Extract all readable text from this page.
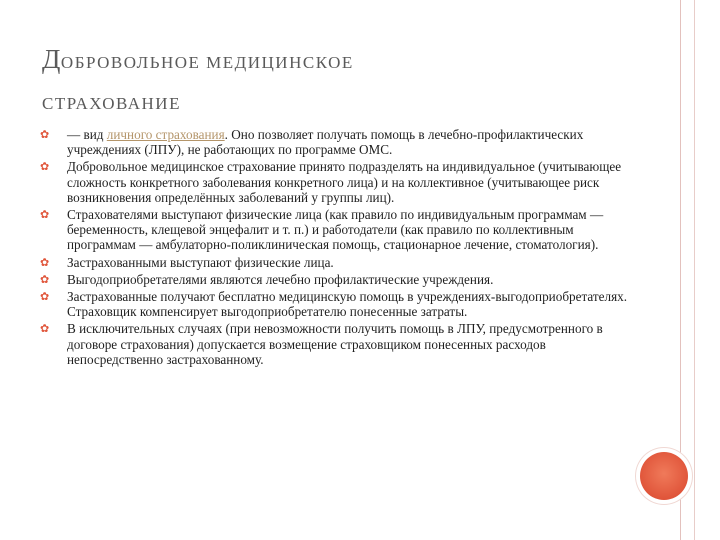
ДОБРОВОЛЬНОЕ МЕДИЦИНСКОЕ
СТРАХОВАНИЕ
✿ — вид личного страхования. Оно позволяет получать помощь в лечебно-профилактических учреждениях (ЛПУ), не работающих по программе ОМС.
✿ Добровольное медицинское страхование принято подразделять на индивидуальное (учитывающее сложность конкретного заболевания конкретного лица) и на коллективное (учитывающее риск возникновения определённых заболеваний у группы лиц).
✿ Страхователями выступают физические лица (как правило по индивидуальным программам — беременность, клещевой энцефалит и т. п.) и работодатели (как правило по коллективным программам — амбулаторно-поликлиническая помощь, стационарное лечение, стоматология).
✿ Застрахованными выступают физические лица.
✿ Выгодоприобретателями являются лечебно профилактические учреждения.
✿ Застрахованные получают бесплатно медицинскую помощь в учреждениях-выгодоприобретателях. Страховщик компенсирует выгодоприобретателю понесенные затраты.
✿ В исключительных случаях (при невозможности получить помощь в ЛПУ, предусмотренного в договоре страхования) допускается возмещение страховщиком понесенных расходов непосредственно застрахованному.
